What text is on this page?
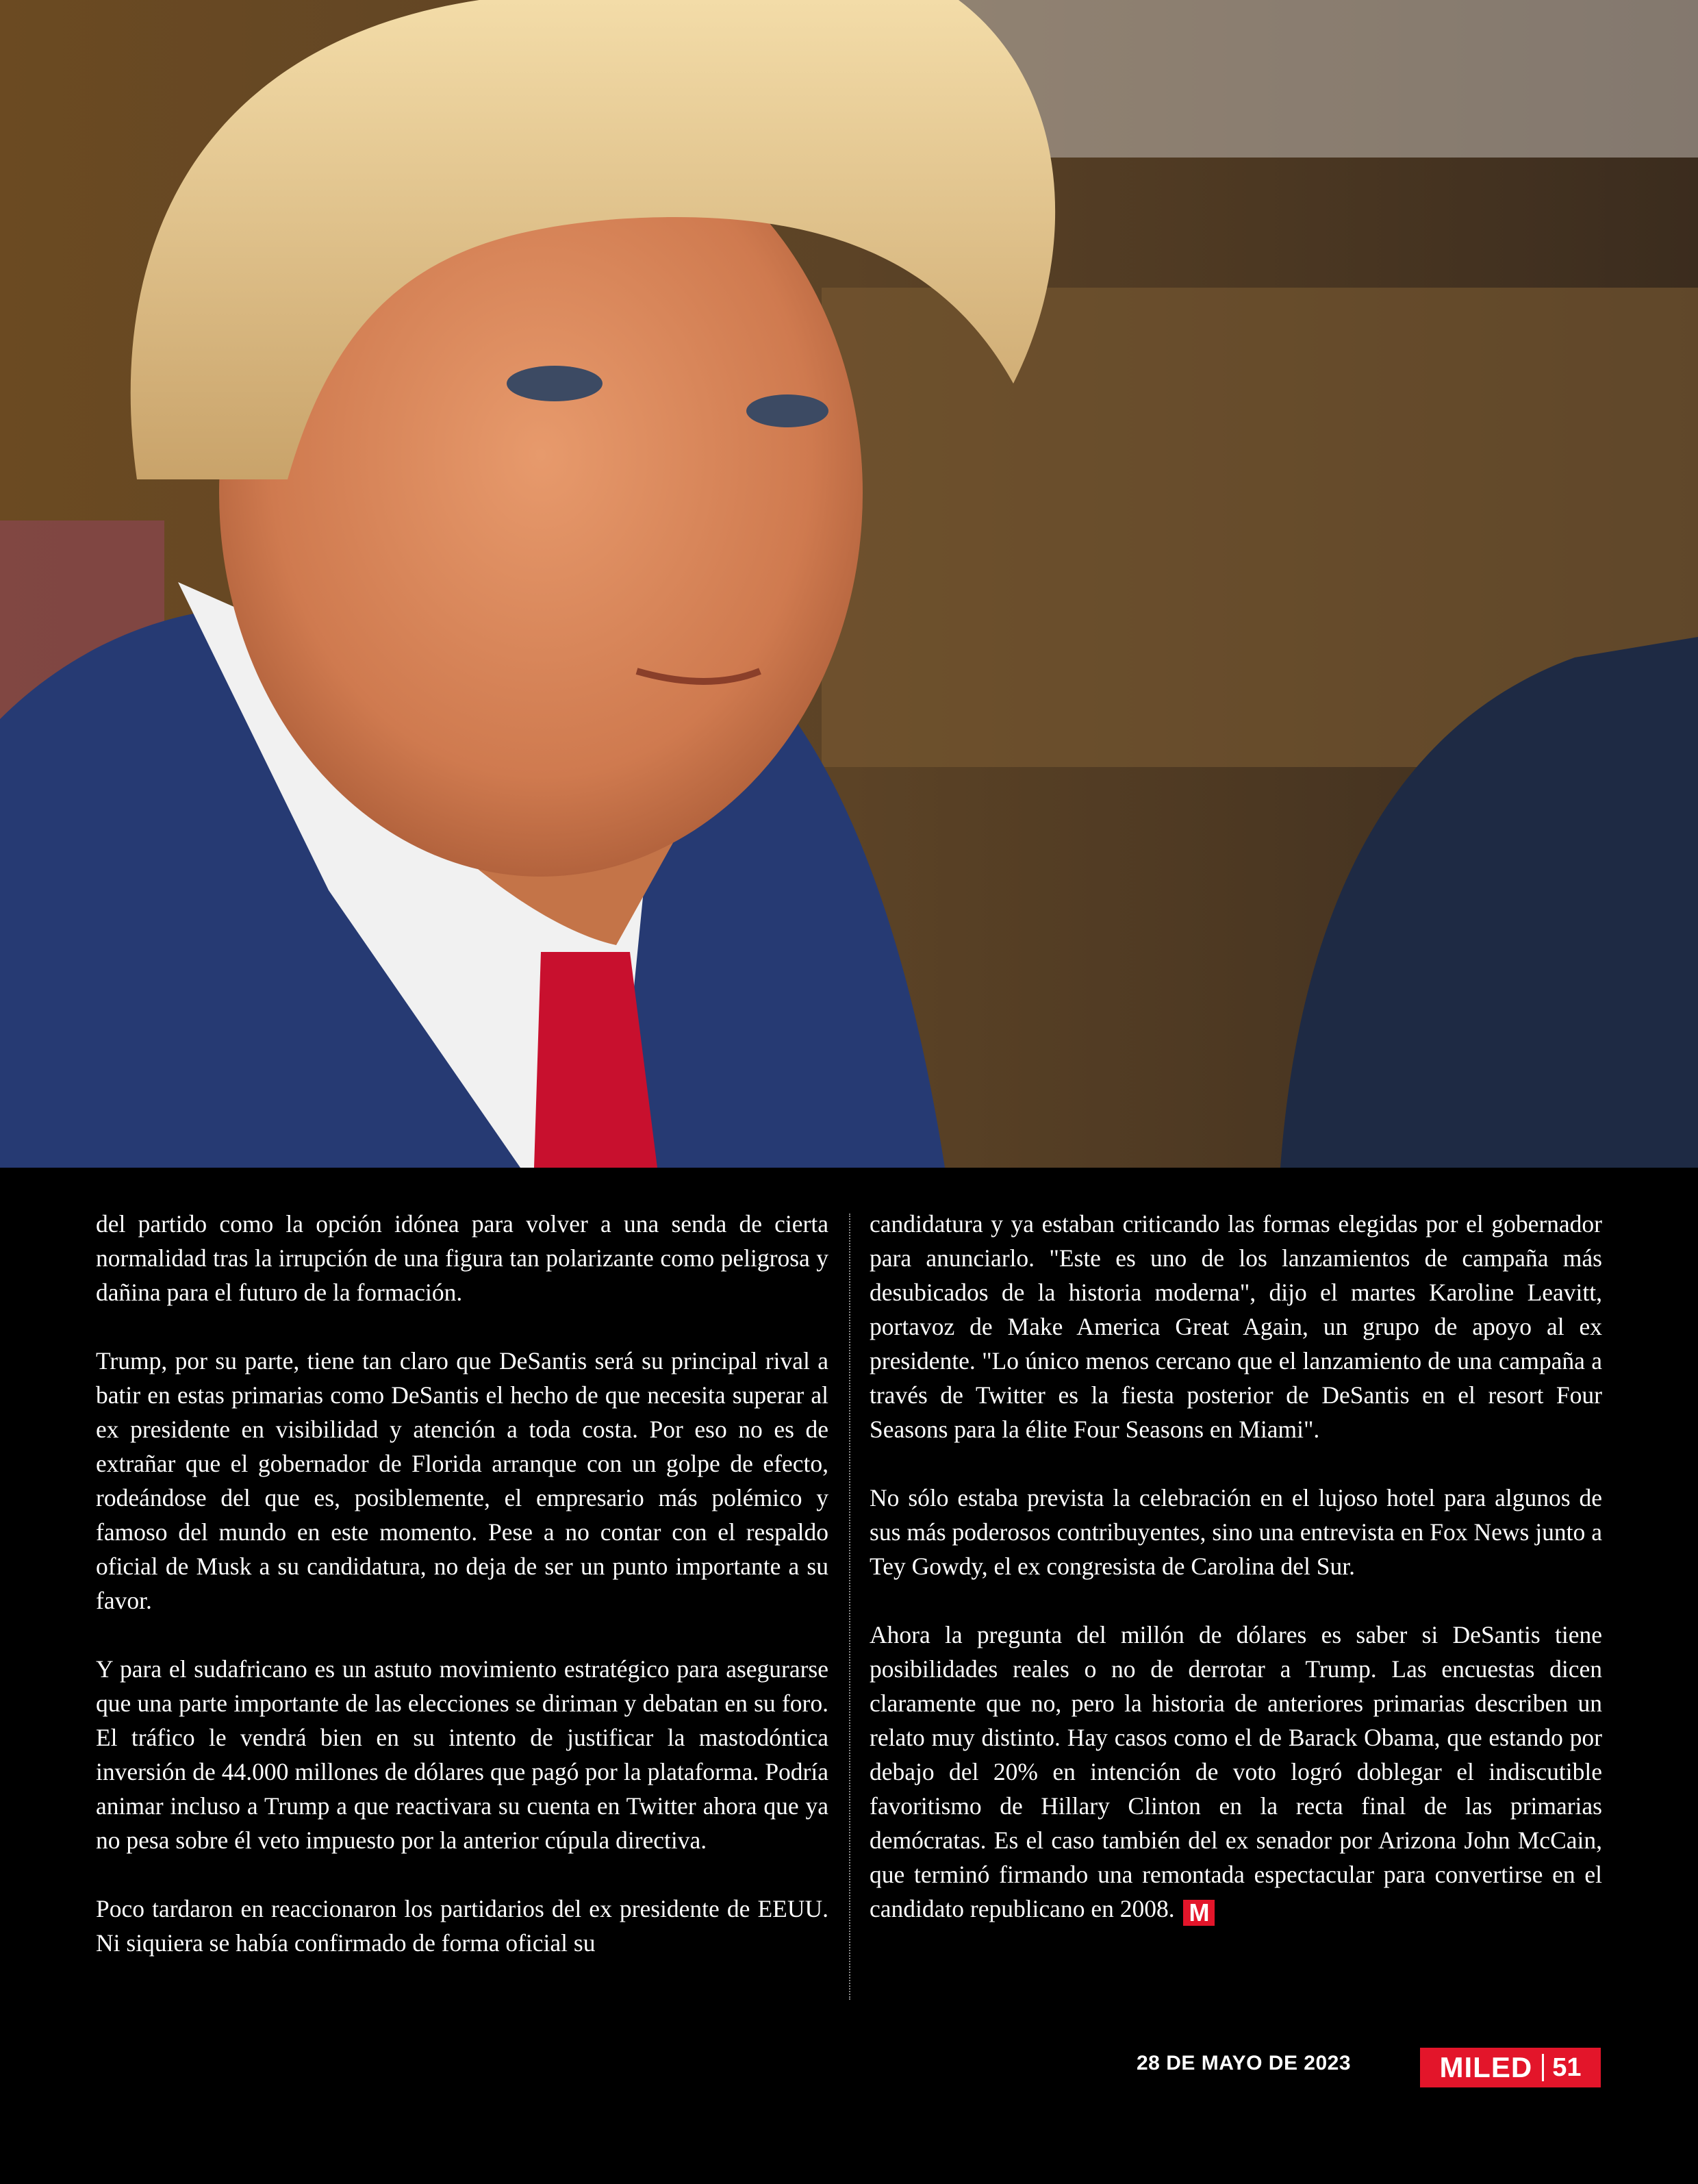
del partido como la opción idónea para volver a una senda de cierta normalidad tras la irrupción de una figura tan polarizante como peligrosa y dañina para el futuro de la formación.

Trump, por su parte, tiene tan claro que DeSantis será su principal rival a batir en estas primarias como DeSantis el hecho de que necesita superar al ex presidente en visibilidad y atención a toda costa. Por eso no es de extrañar que el gobernador de Florida arranque con un golpe de efecto, rodeándose del que es, posiblemente, el empresario más polémico y famoso del mundo en este momento. Pese a no contar con el respaldo oficial de Musk a su candidatura, no deja de ser un punto importante a su favor.

Y para el sudafricano es un astuto movimiento estratégico para asegurarse que una parte importante de las elecciones se diriman y debatan en su foro. El tráfico le vendrá bien en su intento de justificar la mastodóntica inversión de 44.000 millones de dólares que pagó por la plataforma. Podría animar incluso a Trump a que reactivara su cuenta en Twitter ahora que ya no pesa sobre él veto impuesto por la anterior cúpula directiva.

Poco tardaron en reaccionaron los partidarios del ex presidente de EEUU. Ni siquiera se había confirmado de forma oficial su

candidatura y ya estaban criticando las formas elegidas por el gobernador para anunciarlo. "Este es uno de los lanzamientos de campaña más desubicados de la historia moderna", dijo el martes Karoline Leavitt, portavoz de Make America Great Again, un grupo de apoyo al ex presidente. "Lo único menos cercano que el lanzamiento de una campaña a través de Twitter es la fiesta posterior de DeSantis en el resort Four Seasons para la élite Four Seasons en Miami".

No sólo estaba prevista la celebración en el lujoso hotel para algunos de sus más poderosos contribuyentes, sino una entrevista en Fox News junto a Tey Gowdy, el ex congresista de Carolina del Sur.

Ahora la pregunta del millón de dólares es saber si DeSantis tiene posibilidades reales o no de derrotar a Trump. Las encuestas dicen claramente que no, pero la historia de anteriores primarias describen un relato muy distinto. Hay casos como el de Barack Obama, que estando por debajo del 20% en intención de voto logró doblegar el indiscutible favoritismo de Hillary Clinton en la recta final de las primarias demócratas. Es el caso también del ex senador por Arizona John McCain, que terminó firmando una remontada espectacular para convertirse en el candidato republicano en 2008. M

28 DE MAYO DE 2023	MILED 51
